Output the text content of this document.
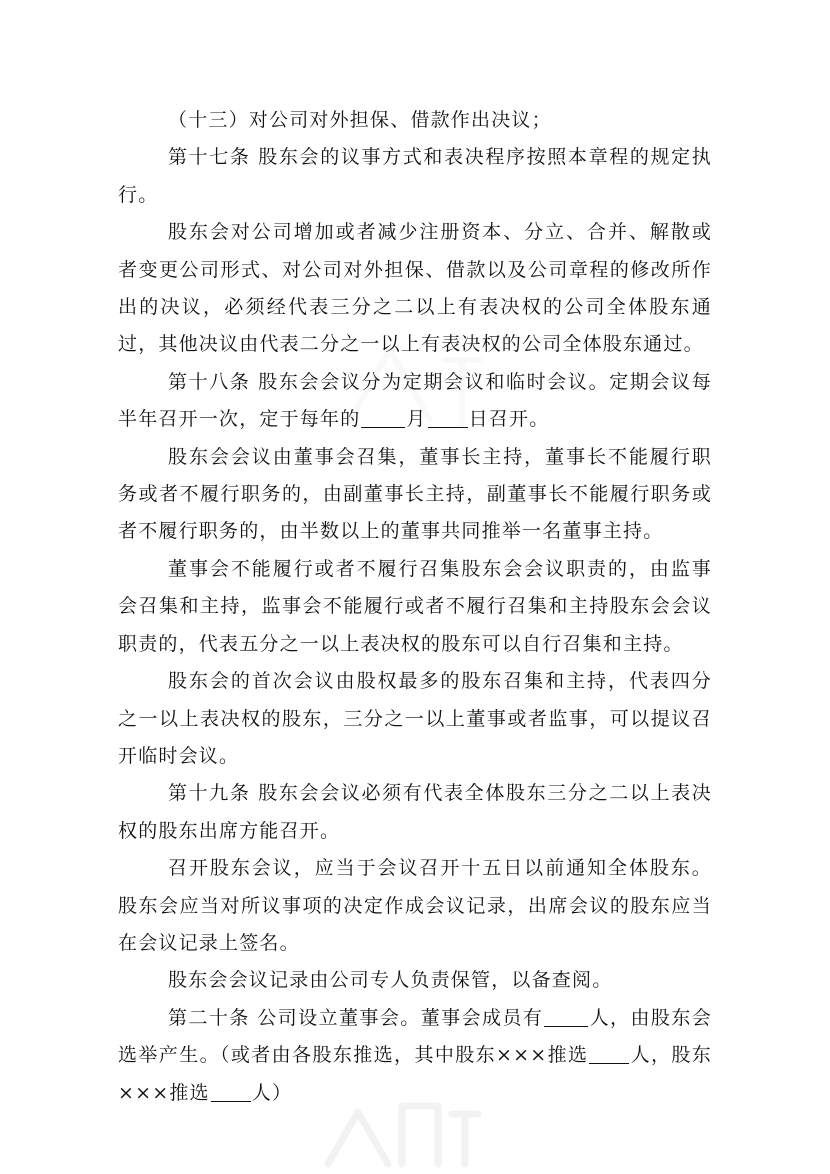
（十三）对公司对外担保、借款作出决议；

第十七条 股东会的议事方式和表决程序按照本章程的规定执行。

股东会对公司增加或者减少注册资本、分立、合并、解散或者变更公司形式、对公司对外担保、借款以及公司章程的修改所作出的决议，必须经代表三分之二以上有表决权的公司全体股东通过，其他决议由代表二分之一以上有表决权的公司全体股东通过。

第十八条 股东会会议分为定期会议和临时会议。定期会议每半年召开一次，定于每年的 月 日召开。

股东会会议由董事会召集，董事长主持，董事长不能履行职务或者不履行职务的，由副董事长主持，副董事长不能履行职务或者不履行职务的，由半数以上的董事共同推举一名董事主持。

董事会不能履行或者不履行召集股东会会议职责的，由监事会召集和主持，监事会不能履行或者不履行召集和主持股东会会议职责的，代表五分之一以上表决权的股东可以自行召集和主持。

股东会的首次会议由股权最多的股东召集和主持，代表四分之一以上表决权的股东，三分之一以上董事或者监事，可以提议召开临时会议。

第十九条 股东会会议必须有代表全体股东三分之二以上表决权的股东出席方能召开。

召开股东会议，应当于会议召开十五日以前通知全体股东。股东会应当对所议事项的决定作成会议记录，出席会议的股东应当在会议记录上签名。

股东会会议记录由公司专人负责保管，以备查阅。

第二十条 公司设立董事会。董事会成员有 人，由股东会选举产生。（或者由各股东推选，其中股东×××推选 人，股东×××推选 人）
